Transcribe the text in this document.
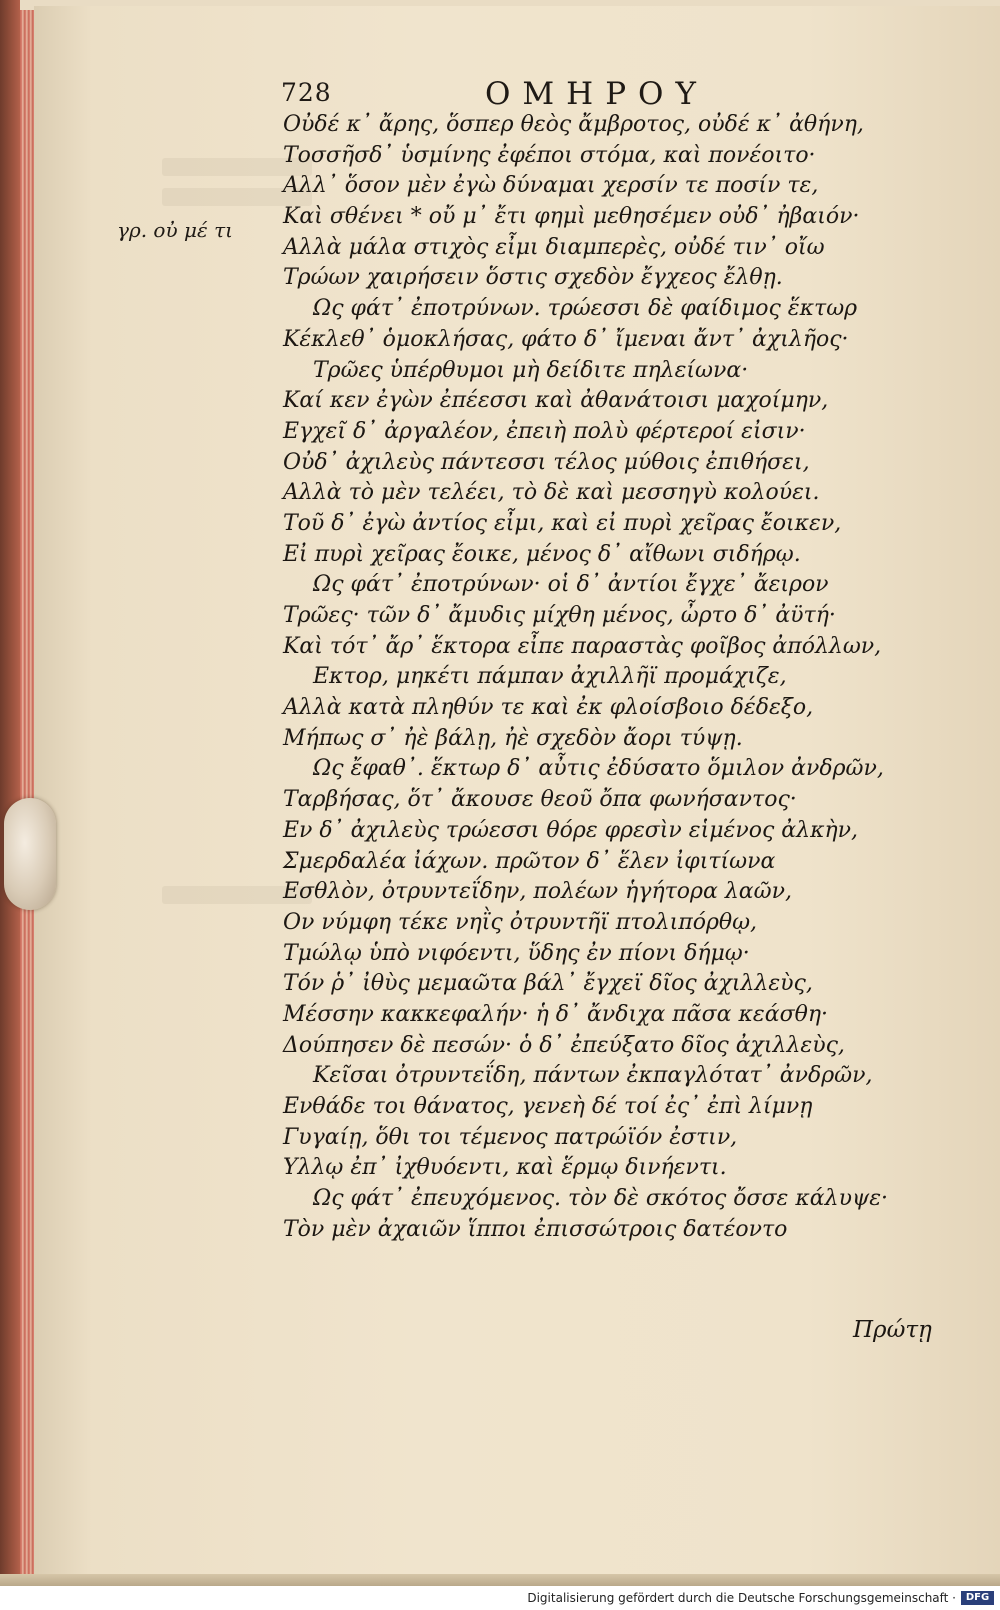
728	ΟΜΗΡΟΥ
γρ. οὐ μέ τι
Οὐδέ κ᾿ ἄρης, ὅσπερ θεὸς ἄμβροτος, οὐδέ κ᾿ ἀθήνη,
Τοσσῆσδ᾿ ὑσμίνης ἐφέποι στόμα, καὶ πονέοιτο·
Αλλ᾿ ὅσον μὲν ἐγὼ δύναμαι χερσίν τε ποσίν τε,
Καὶ σθένει * οὔ μ᾿ ἔτι φημὶ μεθησέμεν οὐδ᾿ ἠβαιόν·
Αλλὰ μάλα στιχὸς εἶμι διαμπερὲς, οὐδέ τιν᾿ οἴω
Τρώων χαιρήσειν ὅστις σχεδὸν ἔγχεος ἔλθῃ.
Ως φάτ᾿ ἐποτρύνων. τρώεσσι δὲ φαίδιμος ἕκτωρ
Κέκλεθ᾿ ὁμοκλήσας, φάτο δ᾿ ἴμεναι ἄντ᾿ ἀχιλῆος·
Τρῶες ὑπέρθυμοι μὴ δείδιτε πηλείωνα·
Καί κεν ἐγὼν ἐπέεσσι καὶ ἀθανάτοισι μαχοίμην,
Εγχεῖ δ᾿ ἀργαλέον, ἐπειὴ πολὺ φέρτεροί εἰσιν·
Οὐδ᾿ ἀχιλεὺς πάντεσσι τέλος μύθοις ἐπιθήσει,
Αλλὰ τὸ μὲν τελέει, τὸ δὲ καὶ μεσσηγὺ κολούει.
Τοῦ δ᾿ ἐγὼ ἀντίος εἶμι, καὶ εἰ πυρὶ χεῖρας ἔοικεν,
Εἰ πυρὶ χεῖρας ἔοικε, μένος δ᾿ αἴθωνι σιδήρῳ.
Ως φάτ᾿ ἐποτρύνων· οἱ δ᾿ ἀντίοι ἔγχε᾿ ἄειρον
Τρῶες· τῶν δ᾿ ἄμυδις μίχθη μένος, ὦρτο δ᾿ ἀϋτή·
Καὶ τότ᾿ ἄρ᾿ ἕκτορα εἶπε παραστὰς φοῖβος ἀπόλλων,
Εκτορ, μηκέτι πάμπαν ἀχιλλῆϊ προμάχιζε,
Αλλὰ κατὰ πληθύν τε καὶ ἐκ φλοίσβοιο δέδεξο,
Μήπως σ᾿ ἠὲ βάλῃ, ἠὲ σχεδὸν ἄορι τύψῃ.
Ως ἔφαθ᾿. ἕκτωρ δ᾿ αὖτις ἐδύσατο ὅμιλον ἀνδρῶν,
Ταρβήσας, ὅτ᾿ ἄκουσε θεοῦ ὄπα φωνήσαντος·
Εν δ᾿ ἀχιλεὺς τρώεσσι θόρε φρεσὶν εἱμένος ἀλκὴν,
Σμερδαλέα ἰάχων. πρῶτον δ᾿ ἕλεν ἰφιτίωνα
Εσθλὸν, ὀτρυντεΐδην, πολέων ἡγήτορα λαῶν,
Ον νύμφη τέκε νηῒς ὀτρυντῆϊ πτολιπόρθῳ,
Τμώλῳ ὑπὸ νιφόεντι, ὕδης ἐν πίονι δήμῳ·
Τόν ῥ᾿ ἰθὺς μεμαῶτα βάλ᾿ ἔγχεϊ δῖος ἀχιλλεὺς,
Μέσσην κακκεφαλήν· ἡ δ᾿ ἄνδιχα πᾶσα κεάσθη·
Δούπησεν δὲ πεσών· ὁ δ᾿ ἐπεύξατο δῖος ἀχιλλεὺς,
Κεῖσαι ὀτρυντεΐδη, πάντων ἐκπαγλότατ᾿ ἀνδρῶν,
Ενθάδε τοι θάνατος, γενεὴ δέ τοί ἐς᾿ ἐπὶ λίμνῃ
Γυγαίῃ, ὅθι τοι τέμενος πατρώϊόν ἐστιν,
Υλλῳ ἐπ᾿ ἰχθυόεντι, καὶ ἕρμῳ δινήεντι.
Ως φάτ᾿ ἐπευχόμενος. τὸν δὲ σκότος ὄσσε κάλυψε·
Τὸν μὲν ἀχαιῶν ἵπποι ἐπισσώτροις δατέοντο
Πρώτῃ
Digitalisierung gefördert durch die Deutsche Forschungsgemeinschaft · DFG
